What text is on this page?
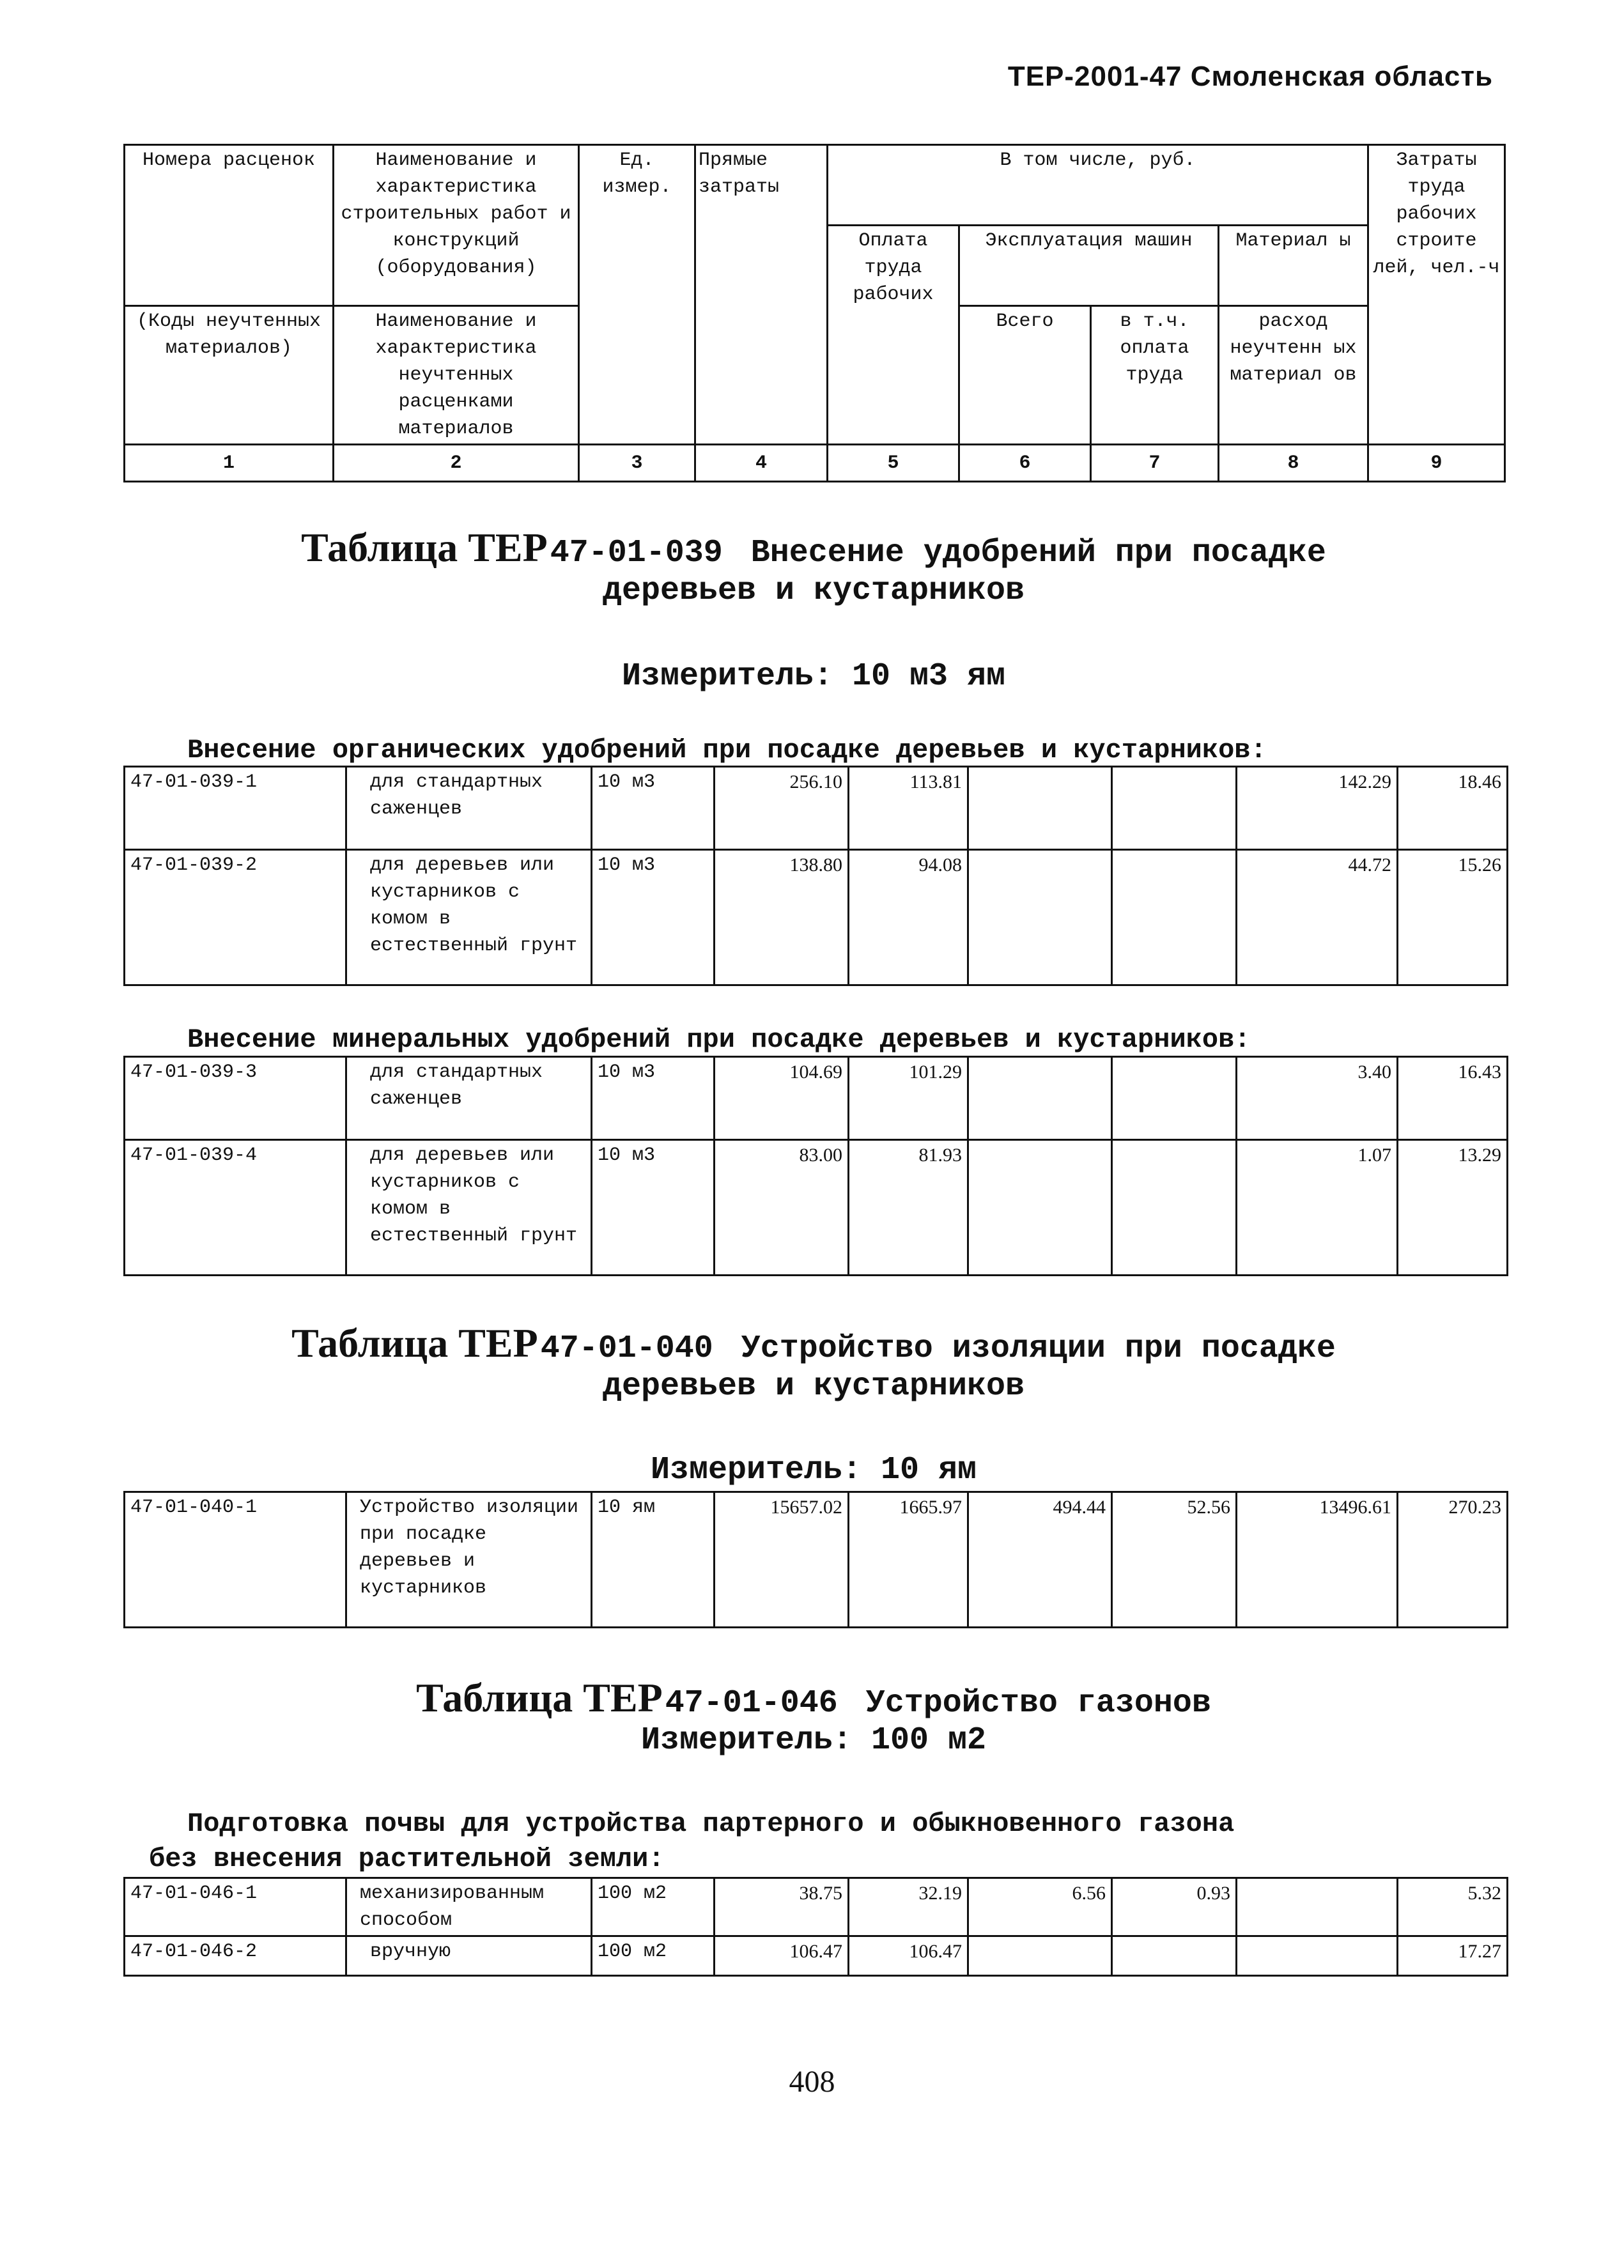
ТЕР-2001-47 Смоленская область
Номера расценок	Наименование и характеристика строительных работ и конструкций (оборудования)	Ед. измер.	Прямые затраты	В том числе, руб.				Затраты труда рабочих строите лей, чел.-ч
				Оплата труда рабочих	Эксплуатация машин		Материал ы	
(Коды неучтенных материалов)	Наименование и характеристика неучтенных расценками материалов				Всего	в т.ч. оплата труда	расход неучтенн ых материал ов	
1	2	3	4	5	6	7	8	9
Таблица ТЕР 47-01-039 Внесение удобрений при посадке
деревьев и кустарников
Измеритель: 10 м3 ям
Внесение органических удобрений при посадке деревьев и кустарников:
47-01-039-1	для стандартных саженцев	10 м3	256.10	113.81			142.29	18.46
47-01-039-2	для деревьев или кустарников с комом в естественный грунт	10 м3	138.80	94.08			44.72	15.26
Внесение минеральных удобрений при посадке деревьев и кустарников:
47-01-039-3	для стандартных саженцев	10 м3	104.69	101.29			3.40	16.43
47-01-039-4	для деревьев или кустарников с комом в естественный грунт	10 м3	83.00	81.93			1.07	13.29
Таблица ТЕР 47-01-040 Устройство изоляции при посадке
деревьев и кустарников
Измеритель: 10 ям
47-01-040-1	Устройство изоляции при посадке деревьев и кустарников	10 ям	15657.02	1665.97	494.44	52.56	13496.61	270.23
Таблица ТЕР 47-01-046 Устройство газонов
Измеритель: 100 м2
Подготовка почвы для устройства партерного и обыкновенного газона
без внесения растительной земли:
47-01-046-1	механизированным способом	100 м2	38.75	32.19	6.56	0.93		5.32
47-01-046-2	вручную	100 м2	106.47	106.47				17.27
408
